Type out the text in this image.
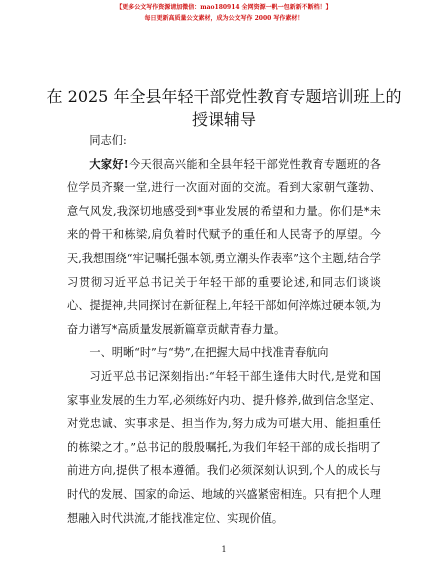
【更多公文写作资源请加微信：mao180914 全网资源一帆一包新新不断档！】
每日更新高质量公文素材，成为公文写作 2000 写作素材！
在 2025 年全县年轻干部党性教育专题培训班上的授课辅导

同志们:

大家好!今天很高兴能和全县年轻干部党性教育专题班的各位学员齐聚一堂,进行一次面对面的交流。看到大家朝气蓬勃、意气风发,我深切地感受到*事业发展的希望和力量。你们是*未来的骨干和栋梁,肩负着时代赋予的重任和人民寄予的厚望。今天,我想围绕“牢记嘱托强本领,勇立潮头作表率”这个主题,结合学习贯彻习近平总书记关于年轻干部的重要论述,和同志们谈谈心、提提神,共同探讨在新征程上,年轻干部如何淬炼过硬本领,为奋力谱写*高质量发展新篇章贡献青春力量。

一、明晰“时”与“势”,在把握大局中找准青春航向

习近平总书记深刻指出:“年轻干部生逢伟大时代,是党和国家事业发展的生力军,必须练好内功、提升修养,做到信念坚定、对党忠诚、实事求是、担当作为,努力成为可堪大用、能担重任的栋梁之才。”总书记的殷殷嘱托,为我们年轻干部的成长指明了前进方向,提供了根本遵循。我们必须深刻认识到,个人的成长与时代的发展、国家的命运、地域的兴盛紧密相连。只有把个人理想融入时代洪流,才能找准定位、实现价值。

1
